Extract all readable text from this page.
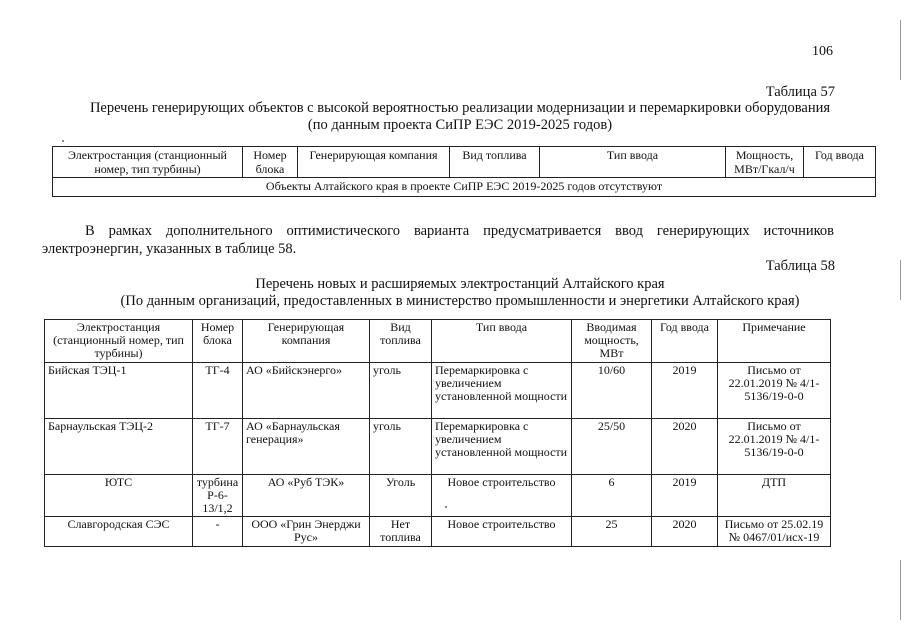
106
Таблица 57
Перечень генерирующих объектов с высокой вероятностью реализации модернизации и перемаркировки оборудования
(по данным проекта СиПР ЕЭС 2019-2025 годов)
Электростанция (станционный номер, тип турбины)	Номер блока	Генерирующая компания	Вид топлива	Тип ввода	Мощность, МВт/Гкал/ч	Год ввода
Объекты Алтайского края в проекте СиПР ЕЭС 2019-2025 годов отсутствуют
В рамках дополнительного оптимистического варианта предусматривается ввод генерирующих источников электроэнергин, указанных в таблице 58.
Таблица 58
Перечень новых и расширяемых электростанций Алтайского края
(По данным организаций, предоставленных в министерство промышленности и энергетики Алтайского края)
Электростанция (станционный номер, тип турбины)	Номер блока	Генерирующая компания	Вид топлива	Тип ввода	Вводимая мощность, МВт	Год ввода	Примечание
Бийская ТЭЦ-1	ТГ-4	АО «Бийскэнерго»	уголь	Перемаркировка с увеличением установленной мощности	10/60	2019	Письмо от 22.01.2019 № 4/1-5136/19-0-0
Барнаульская ТЭЦ-2	ТГ-7	АО «Барнаульская генерация»	уголь	Перемаркировка с увеличением установленной мощности	25/50	2020	Письмо от 22.01.2019 № 4/1-5136/19-0-0
ЮТС	турбина Р-6-13/1,2	АО «Руб ТЭК»	Уголь	Новое строительство	6	2019	ДТП
Славгородская СЭС	-	ООО «Грин Энерджи Рус»	Нет топлива	Новое строительство	25	2020	Письмо от 25.02.19 № 0467/01/исх-19
